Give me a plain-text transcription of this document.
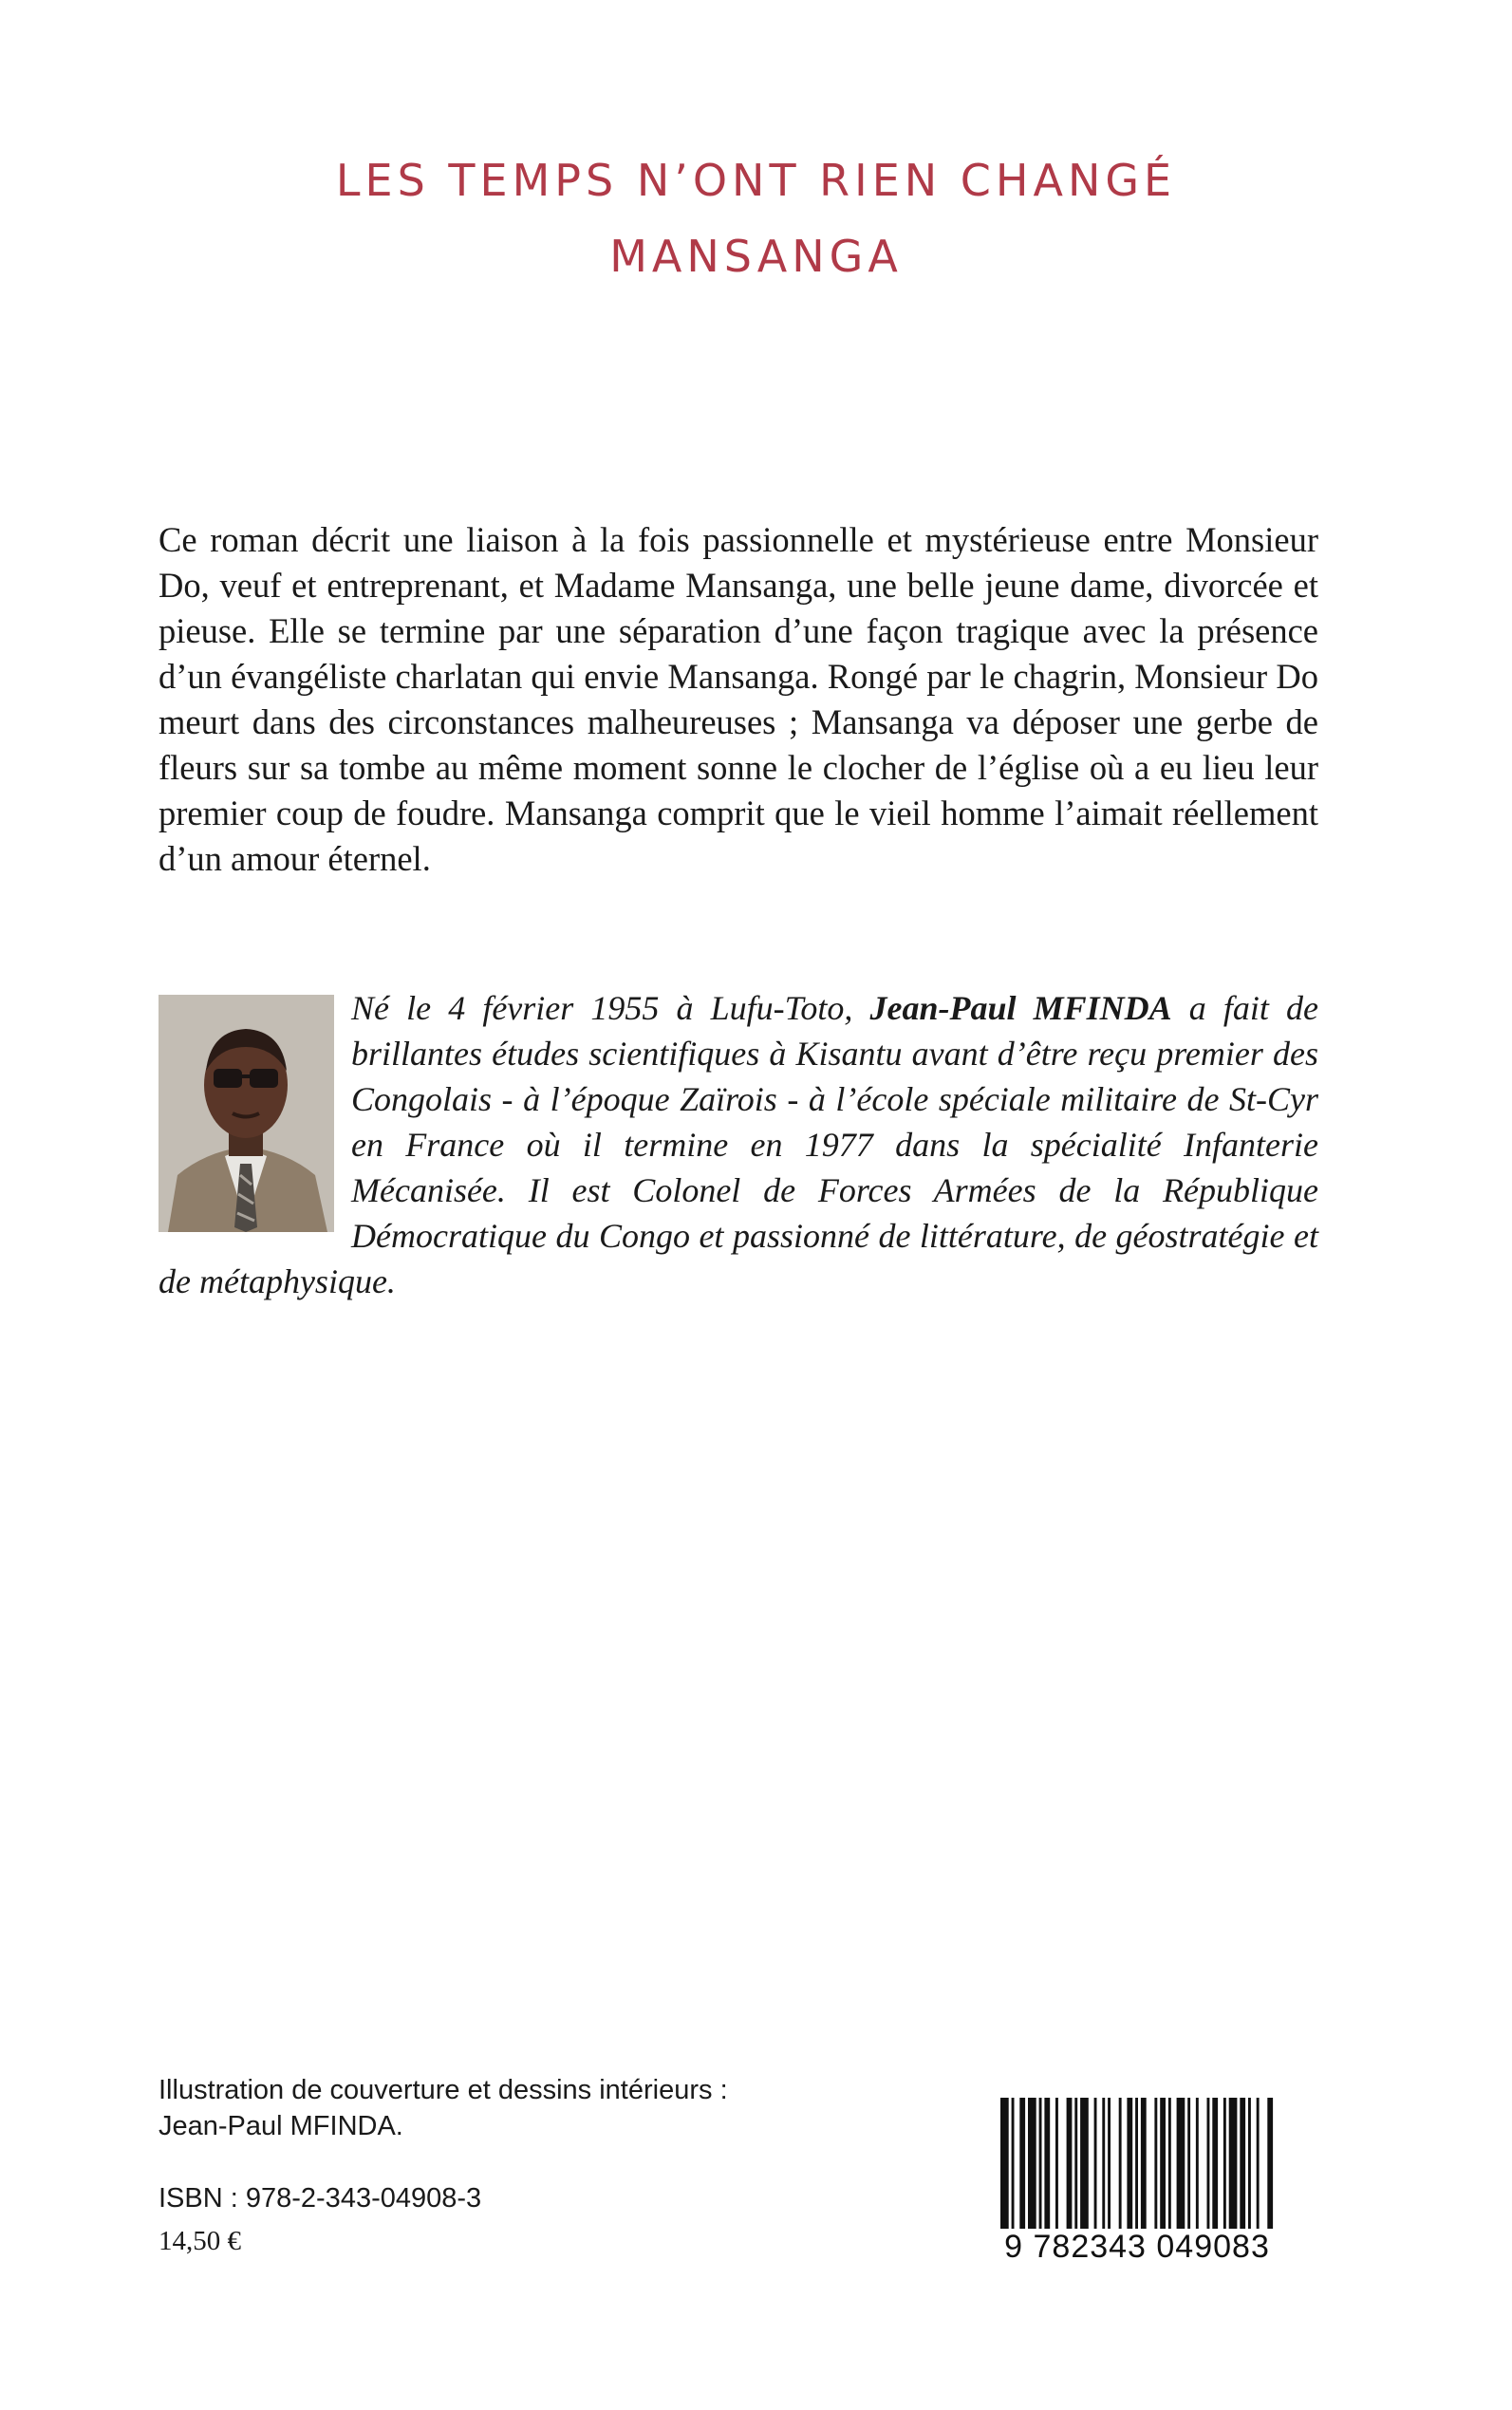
LES TEMPS N’ONT RIEN CHANGÉ

MANSANGA

Ce roman décrit une liaison à la fois passionnelle et mystérieuse entre Monsieur Do, veuf et entreprenant, et Madame Mansanga, une belle jeune dame, divorcée et pieuse. Elle se termine par une séparation d’une façon tragique avec la présence d’un évangéliste charlatan qui envie Mansanga. Rongé par le chagrin, Monsieur Do meurt dans des circonstances malheureuses ; Mansanga va déposer une gerbe de fleurs sur sa tombe au même moment sonne le clocher de l’église où a eu lieu leur premier coup de foudre. Mansanga comprit que le vieil homme l’aimait réellement d’un amour éternel.

Né le 4 février 1955 à Lufu-Toto, Jean-Paul MFINDA a fait de brillantes études scientifiques à Kisantu avant d’être reçu premier des Congolais - à l’époque Zaïrois - à l’école spéciale militaire de St-Cyr en France où il termine en 1977 dans la spécialité Infanterie Mécanisée. Il est Colonel de Forces Armées de la République Démocratique du Congo et passionné de littérature, de géostratégie et de métaphysique.

Illustration de couverture et dessins intérieurs :
Jean-Paul MFINDA.
ISBN : 978-2-343-04908-3
14,50 €	9 782343 049083
